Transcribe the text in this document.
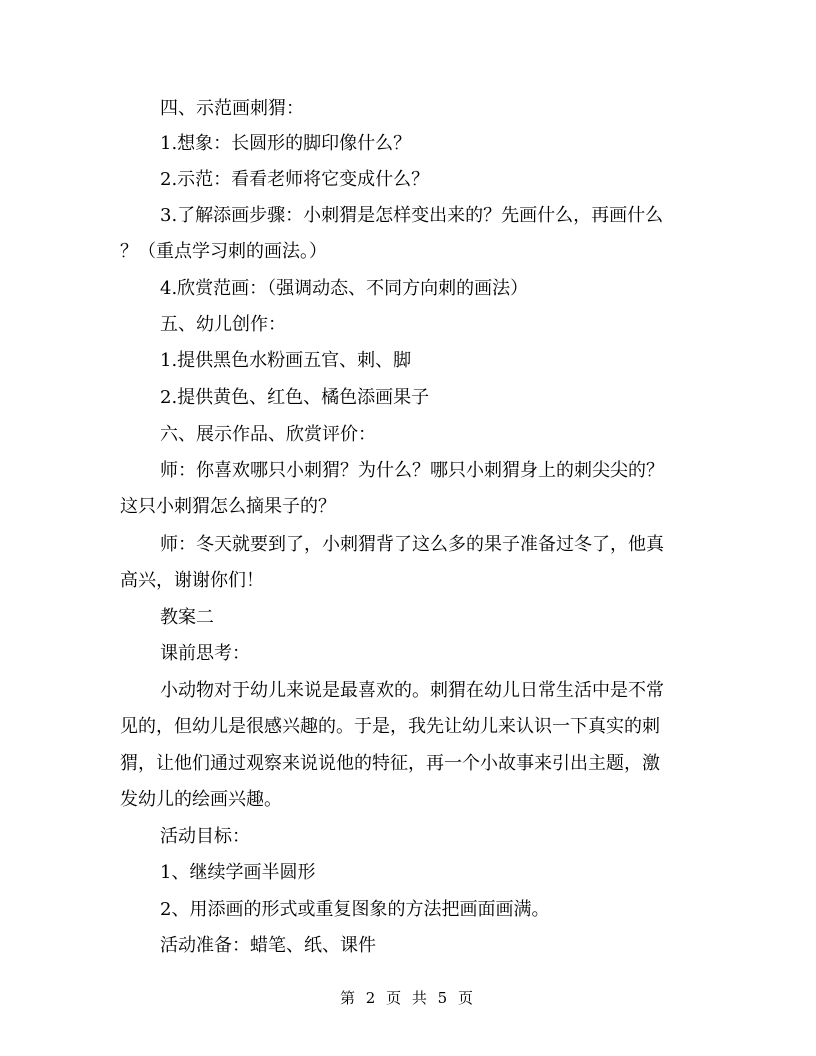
四、示范画刺猬：
1.想象：长圆形的脚印像什么？
2.示范：看看老师将它变成什么？
3.了解添画步骤：小刺猬是怎样变出来的？先画什么，再画什么
？（重点学习刺的画法。）
4.欣赏范画：（强调动态、不同方向刺的画法）
五、幼儿创作：
1.提供黑色水粉画五官、刺、脚
2.提供黄色、红色、橘色添画果子
六、展示作品、欣赏评价：
师：你喜欢哪只小刺猬？为什么？哪只小刺猬身上的刺尖尖的？
这只小刺猬怎么摘果子的？
师：冬天就要到了，小刺猬背了这么多的果子准备过冬了，他真
高兴，谢谢你们！
教案二
课前思考：
小动物对于幼儿来说是最喜欢的。刺猬在幼儿日常生活中是不常
见的，但幼儿是很感兴趣的。于是，我先让幼儿来认识一下真实的刺
猬，让他们通过观察来说说他的特征，再一个小故事来引出主题，激
发幼儿的绘画兴趣。
活动目标：
1、继续学画半圆形
2、用添画的形式或重复图象的方法把画面画满。
活动准备：蜡笔、纸、课件
第 2 页 共 5 页
